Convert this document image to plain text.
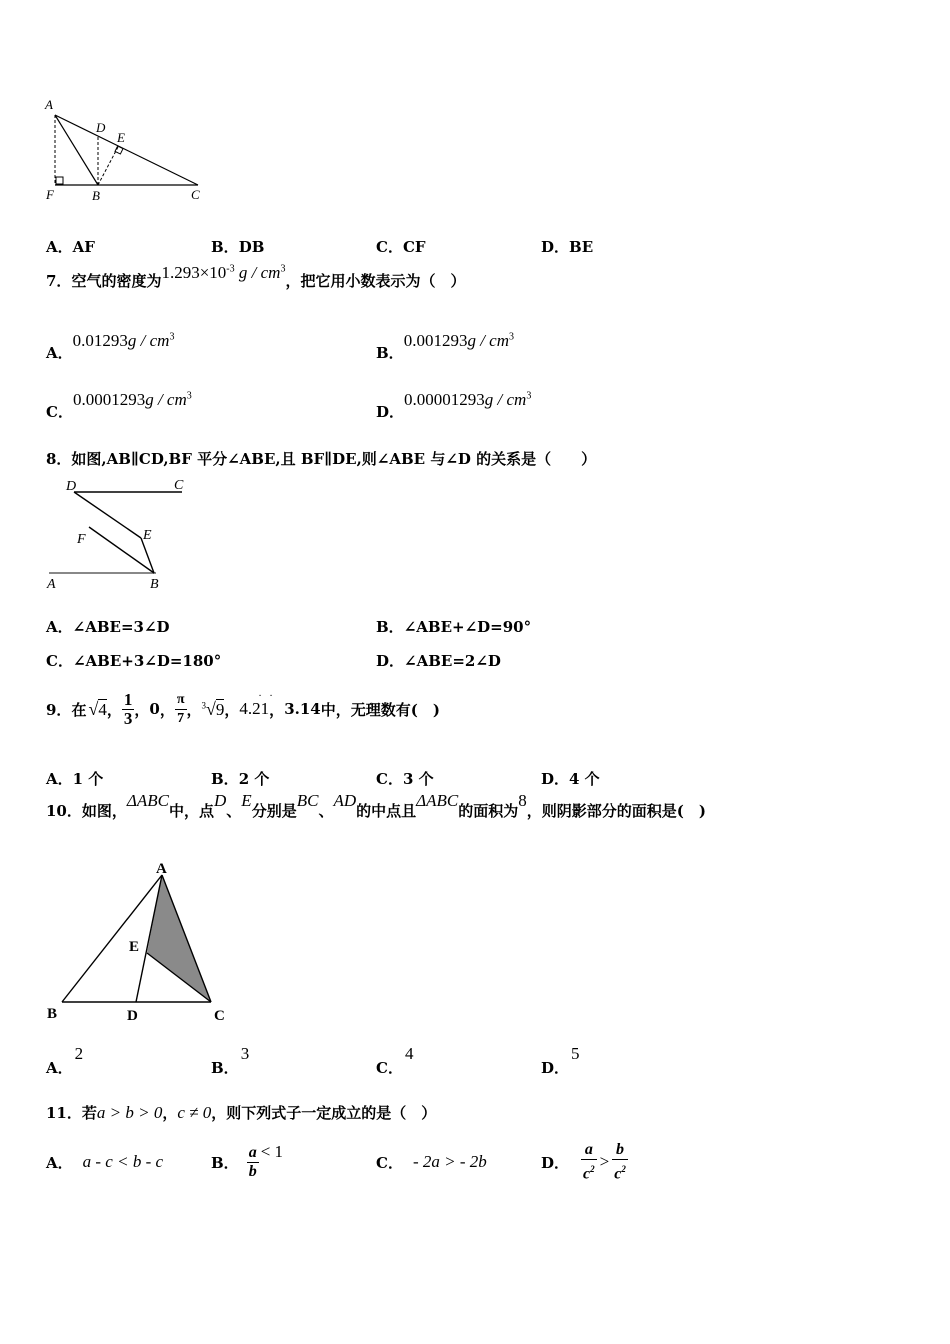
A
D
E
F	B	C
A．AF	B．DB	C．CF	D．BE
7．空气的密度为$1.293\times 10^{-3}$ g / $cm^3$，把它用小数表示为（　）
A．$0.01293g / cm^3$
B．$0.001293g / cm^3$
C．$0.0001293g / cm^3$
D．$0.00001293g / cm^3$
8．如图,AB∥CD,BF 平分∠ABE,且 BF∥DE,则∠ABE 与∠D 的关系是（　　）
D	C
F	E
A	B
A．∠ABE=3∠D	B．∠ABE+∠D=90°
C．∠ABE+3∠D=180°	D．∠ABE=2∠D
9． 在 √4 ， $\frac{1}{3}$ ， 0 ， $\frac{\pi}{7}$ ， $^3$√9 ， 4.21
· ·
， 3.14 中，无理数有(　)
A．1 个	B．2 个	C．3 个	D．4 个
10．如图，ΔABC中，点D、E分别是BC、AD的中点且ΔABC的面积为8，则阴影部分的面积是(　)
A
E
B	D	C
A．2
B．3
C．4
D．5
11．若a > b > 0，c ≠ 0，则下列式子一定成立的是（　）
A． a - c < b - c	B． $\frac{a}{b} < 1$
C． - 2a > - 2b	D． $\frac{a}{c^2} > \frac{b}{c^2}$
